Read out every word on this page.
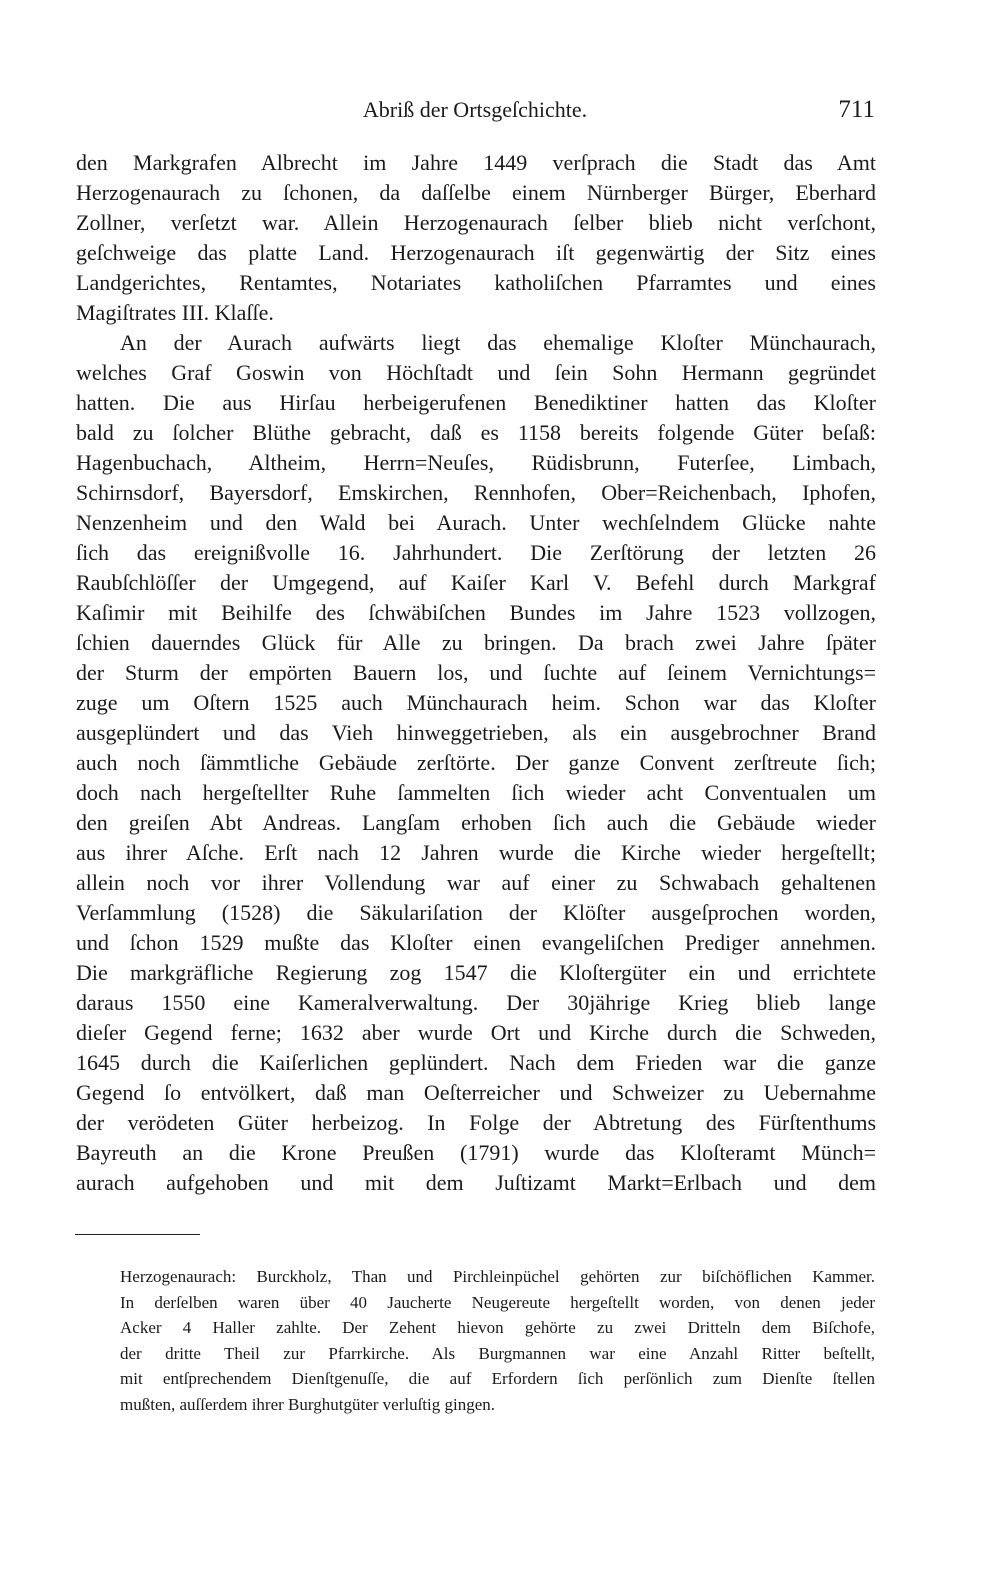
Abriß der Ortsgeſchichte.	711
den Markgrafen Albrecht im Jahre 1449 verſprach die Stadt das Amt
Herzogenaurach zu ſchonen, da daſſelbe einem Nürnberger Bürger, Eberhard
Zollner, verſetzt war. Allein Herzogenaurach ſelber blieb nicht verſchont,
geſchweige das platte Land. Herzogenaurach iſt gegenwärtig der Sitz eines
Landgerichtes, Rentamtes, Notariates katholiſchen Pfarramtes und eines
Magiſtrates III. Klaſſe.
An der Aurach aufwärts liegt das ehemalige Kloſter Münchaurach,
welches Graf Goswin von Höchſtadt und ſein Sohn Hermann gegründet
hatten. Die aus Hirſau herbeigerufenen Benediktiner hatten das Kloſter
bald zu ſolcher Blüthe gebracht, daß es 1158 bereits folgende Güter beſaß:
Hagenbuchach, Altheim, Herrn=Neuſes, Rüdisbrunn, Futerſee, Limbach,
Schirnsdorf, Bayersdorf, Emskirchen, Rennhofen, Ober=Reichenbach, Iphofen,
Nenzenheim und den Wald bei Aurach. Unter wechſelndem Glücke nahte
ſich das ereignißvolle 16. Jahrhundert. Die Zerſtörung der letzten 26
Raubſchlöſſer der Umgegend, auf Kaiſer Karl V. Befehl durch Markgraf
Kaſimir mit Beihilfe des ſchwäbiſchen Bundes im Jahre 1523 vollzogen,
ſchien dauerndes Glück für Alle zu bringen. Da brach zwei Jahre ſpäter
der Sturm der empörten Bauern los, und ſuchte auf ſeinem Vernichtungs=
zuge um Oſtern 1525 auch Münchaurach heim. Schon war das Kloſter
ausgeplündert und das Vieh hinweggetrieben, als ein ausgebrochner Brand
auch noch ſämmtliche Gebäude zerſtörte. Der ganze Convent zerſtreute ſich;
doch nach hergeſtellter Ruhe ſammelten ſich wieder acht Conventualen um
den greiſen Abt Andreas. Langſam erhoben ſich auch die Gebäude wieder
aus ihrer Aſche. Erſt nach 12 Jahren wurde die Kirche wieder hergeſtellt;
allein noch vor ihrer Vollendung war auf einer zu Schwabach gehaltenen
Verſammlung (1528) die Säkulariſation der Klöſter ausgeſprochen worden,
und ſchon 1529 mußte das Kloſter einen evangeliſchen Prediger annehmen.
Die markgräfliche Regierung zog 1547 die Kloſtergüter ein und errichtete
daraus 1550 eine Kameralverwaltung. Der 30jährige Krieg blieb lange
dieſer Gegend ferne; 1632 aber wurde Ort und Kirche durch die Schweden,
1645 durch die Kaiſerlichen geplündert. Nach dem Frieden war die ganze
Gegend ſo entvölkert, daß man Oeſterreicher und Schweizer zu Uebernahme
der verödeten Güter herbeizog. In Folge der Abtretung des Fürſtenthums
Bayreuth an die Krone Preußen (1791) wurde das Kloſteramt Münch=
aurach aufgehoben und mit dem Juſtizamt Markt=Erlbach und dem
Herzogenaurach: Burckholz, Than und Pirchleinpüchel gehörten zur biſchöflichen Kammer.
In derſelben waren über 40 Jaucherte Neugereute hergeſtellt worden, von denen jeder
Acker 4 Haller zahlte. Der Zehent hievon gehörte zu zwei Dritteln dem Biſchofe,
der dritte Theil zur Pfarrkirche. Als Burgmannen war eine Anzahl Ritter beſtellt,
mit entſprechendem Dienſtgenuſſe, die auf Erfordern ſich perſönlich zum Dienſte ſtellen
mußten, auſſerdem ihrer Burghutgüter verluſtig gingen.
